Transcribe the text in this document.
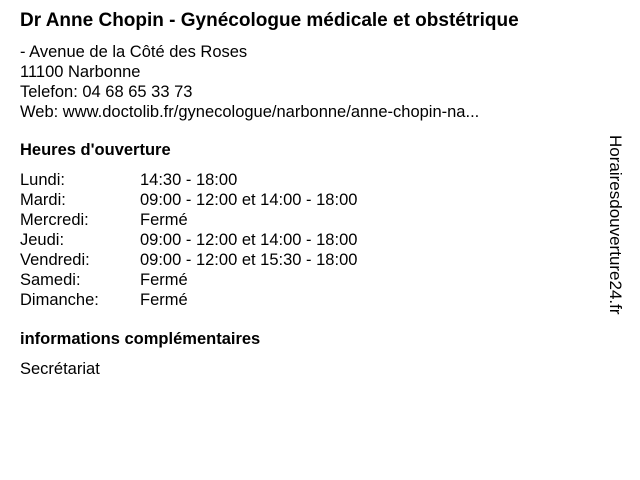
Dr Anne Chopin - Gynécologue médicale et obstétrique
- Avenue de la Côté des Roses
11100 Narbonne
Telefon: 04 68 65 33 73
Web: www.doctolib.fr/gynecologue/narbonne/anne-chopin-na...
Heures d'ouverture
Lundi:	14:30 - 18:00
Mardi:	09:00 - 12:00 et 14:00 - 18:00
Mercredi:	Fermé
Jeudi:	09:00 - 12:00 et 14:00 - 18:00
Vendredi:	09:00 - 12:00 et 15:30 - 18:00
Samedi:	Fermé
Dimanche:	Fermé
informations complémentaires
Secrétariat
Horairesdouverture24.fr
